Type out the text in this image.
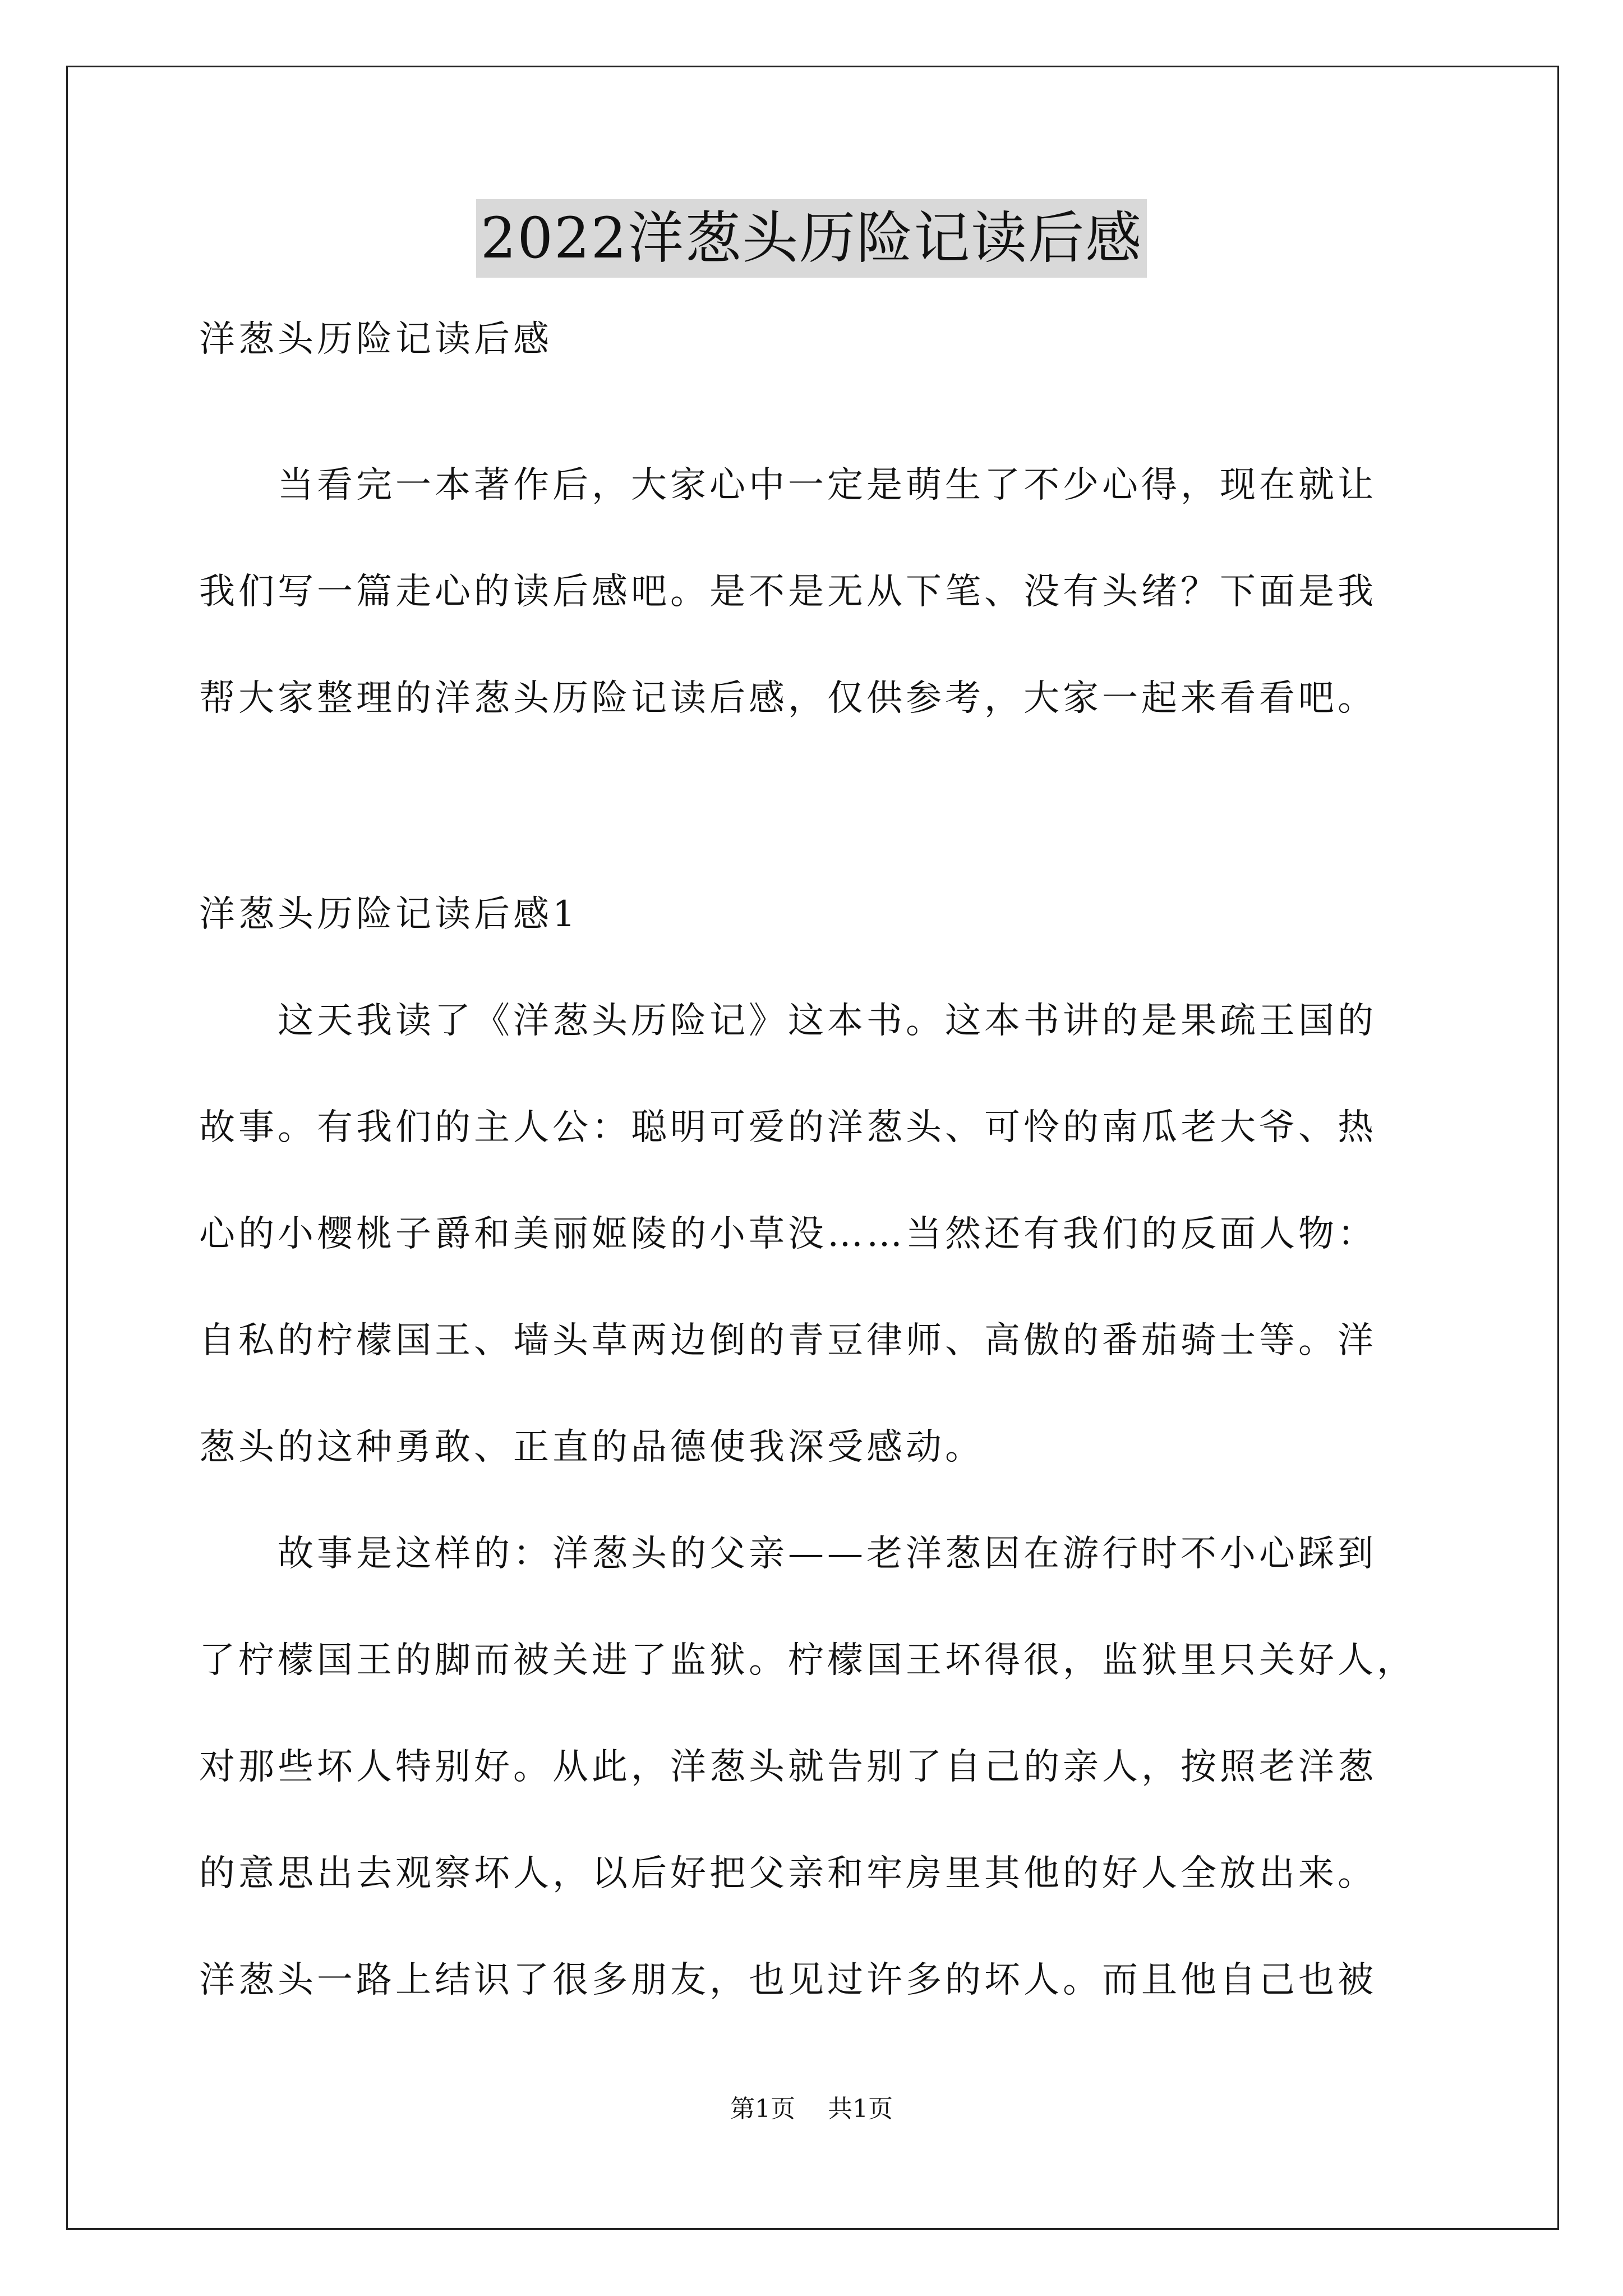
2022洋葱头历险记读后感
洋葱头历险记读后感
　　当看完一本著作后，大家心中一定是萌生了不少心得，现在就让
我们写一篇走心的读后感吧。是不是无从下笔、没有头绪？下面是我
帮大家整理的洋葱头历险记读后感，仅供参考，大家一起来看看吧。
洋葱头历险记读后感1
　　这天我读了《洋葱头历险记》这本书。这本书讲的是果疏王国的
故事。有我们的主人公：聪明可爱的洋葱头、可怜的南瓜老大爷、热
心的小樱桃子爵和美丽姬陵的小草没……当然还有我们的反面人物：
自私的柠檬国王、墙头草两边倒的青豆律师、高傲的番茄骑士等。洋
葱头的这种勇敢、正直的品德使我深受感动。
　　故事是这样的：洋葱头的父亲——老洋葱因在游行时不小心踩到
了柠檬国王的脚而被关进了监狱。柠檬国王坏得很，监狱里只关好人，
对那些坏人特别好。从此，洋葱头就告别了自己的亲人，按照老洋葱
的意思出去观察坏人，以后好把父亲和牢房里其他的好人全放出来。
洋葱头一路上结识了很多朋友，也见过许多的坏人。而且他自己也被
第1页　 共1页
